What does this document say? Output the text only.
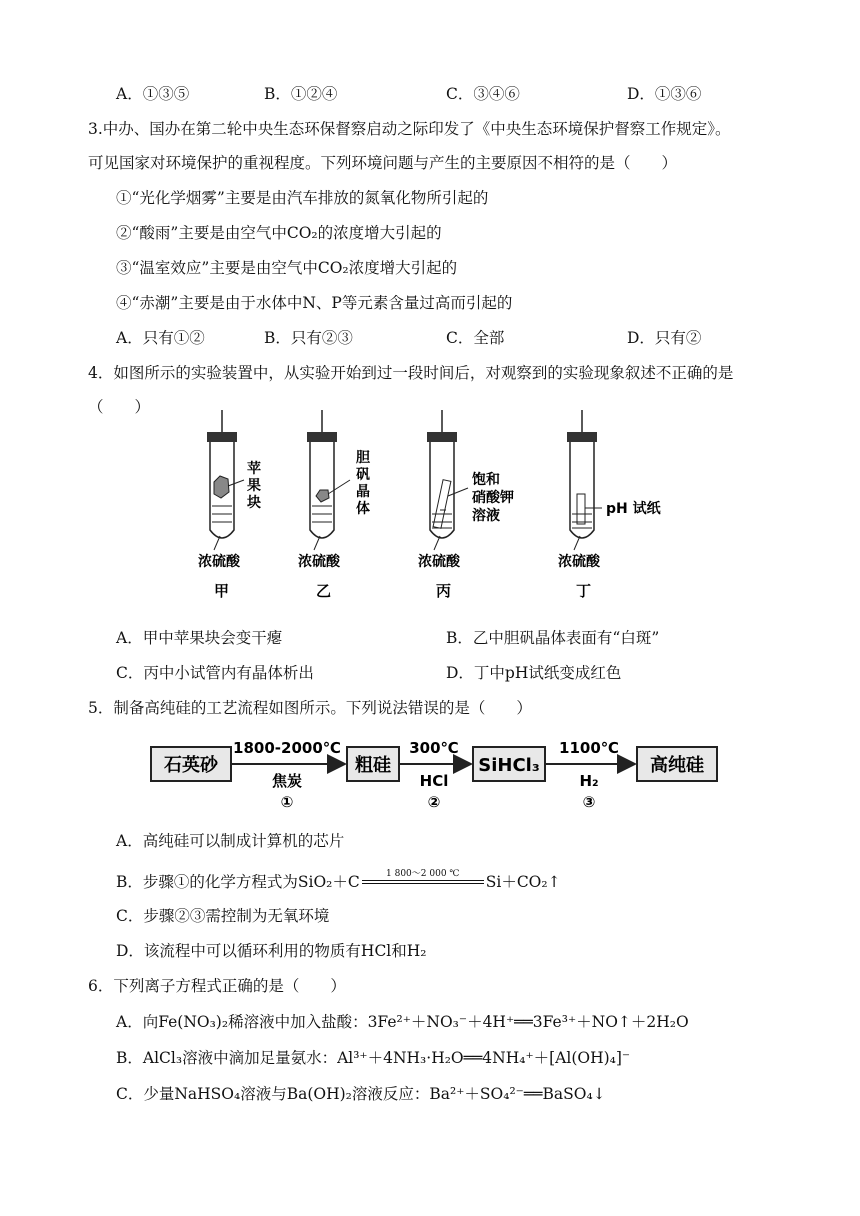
A．①③⑤	B．①②④	C．③④⑥	D．①③⑥
3.中办、国办在第二轮中央生态环保督察启动之际印发了《中央生态环境保护督察工作规定》。
可见国家对环境保护的重视程度。下列环境问题与产生的主要原因不相符的是（　　）
①“光化学烟雾”主要是由汽车排放的氮氧化物所引起的
②“酸雨”主要是由空气中CO₂的浓度增大引起的
③“温室效应”主要是由空气中CO₂浓度增大引起的
④“赤潮”主要是由于水体中N、P等元素含量过高而引起的
A．只有①②	B．只有②③	C．全部	D．只有②
4．如图所示的实验装置中，从实验开始到过一段时间后，对观察到的实验现象叙述不正确的是
（　　）
苹
果
块
浓硫酸
甲
胆
矾
晶
体
浓硫酸
乙
饱和
硝酸钾
溶液
浓硫酸
丙
pH 试纸
浓硫酸
丁
A．甲中苹果块会变干瘪	B．乙中胆矾晶体表面有“白斑”
C．丙中小试管内有晶体析出	D．丁中pH试纸变成红色
5．制备高纯硅的工艺流程如图所示。下列说法错误的是（　　）
石英砂
1800-2000℃
焦炭
①
粗硅
300℃
HCl
②
SiHCl₃
1100℃
H₂
③
高纯硅
A．高纯硅可以制成计算机的芯片
B．步骤①的化学方程式为SiO₂＋C	1 800～2 000 ℃	Si＋CO₂↑
C．步骤②③需控制为无氧环境
D．该流程中可以循环利用的物质有HCl和H₂
6．下列离子方程式正确的是（　　）
A．向Fe(NO₃)₂稀溶液中加入盐酸：3Fe²⁺＋NO₃⁻＋4H⁺══3Fe³⁺＋NO↑＋2H₂O
B．AlCl₃溶液中滴加足量氨水：Al³⁺＋4NH₃·H₂O══4NH₄⁺＋[Al(OH)₄]⁻
C．少量NaHSO₄溶液与Ba(OH)₂溶液反应：Ba²⁺＋SO₄²⁻══BaSO₄↓
